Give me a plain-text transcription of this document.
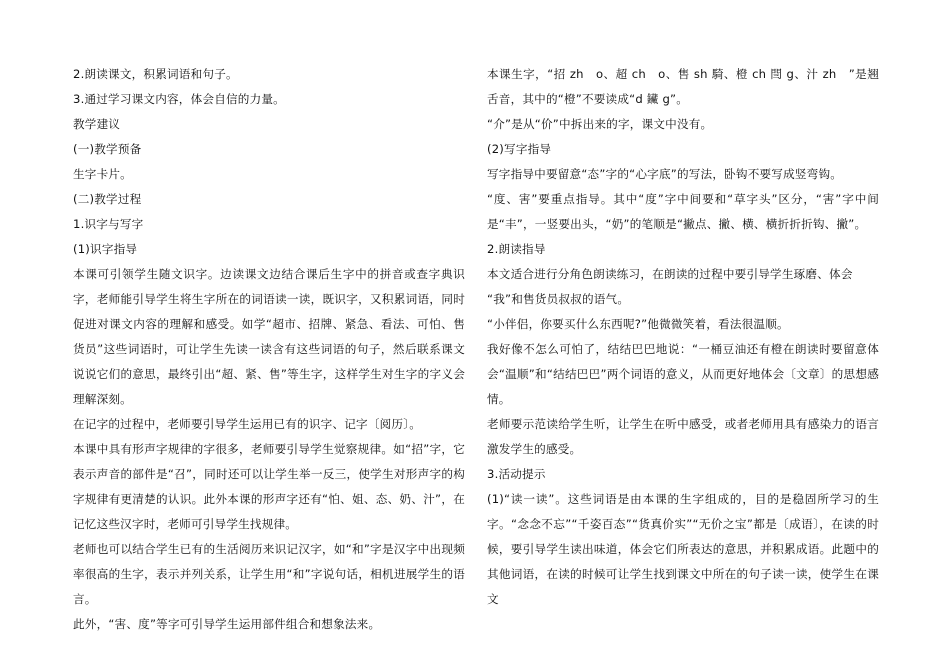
2.朗读课文，积累词语和句子。

3.通过学习课文内容，体会自信的力量。

教学建议

(一)教学预备

生字卡片。

(二)教学过程

1.识字与写字

(1)识字指导

本课可引领学生随文识字。边读课文边结合课后生字中的拼音或查字典识字，老师能引导学生将生字所在的词语读一读，既识字，又积累词语，同时促进对课文内容的理解和感受。如学“超市、招牌、紧急、看法、可怕、售货员”这些词语时，可让学生先读一读含有这些词语的句子，然后联系课文说说它们的意思，最终引出“超、紧、售”等生字，这样学生对生字的字义会理解深刻。

在记字的过程中，老师要引导学生运用已有的识字、记字〔阅历〕。

本课中具有形声字规律的字很多，老师要引导学生觉察规律。如“招”字，它表示声音的部件是“召”，同时还可以让学生举一反三，使学生对形声字的构字规律有更清楚的认识。此外本课的形声字还有“怕、姐、态、奶、汁”，在记忆这些汉字时，老师可引导学生找规律。

老师也可以结合学生已有的生活阅历来识记汉字，如“和”字是汉字中出现频率很高的生字，表示并列关系，让学生用“和”字说句话，相机进展学生的语言。

此外，“害、度”等字可引导学生运用部件组合和想象法来。

本课生字，“招 zh　o、超 ch　o、售 sh 騎、橙 ch 閆 g、汁 zh　”是翘舌音，其中的“橙”不要读成“d 鑶 g”。

“介”是从“价”中拆出来的字，课文中没有。

(2)写字指导

写字指导中要留意“态”字的“心字底”的写法，卧钩不要写成竖弯钩。

“度、害”要重点指导。其中“度”字中间要和“草字头”区分，“害”字中间是“丰”，一竖要出头，“奶”的笔顺是“撇点、撇、横、横折折折钩、撇”。

2.朗读指导

本文适合进行分角色朗读练习，在朗读的过程中要引导学生琢磨、体会

“我”和售货员叔叔的语气。

“小伴侣，你要买什么东西呢?”他微微笑着，看法很温顺。

我好像不怎么可怕了，结结巴巴地说：“一桶豆油还有橙在朗读时要留意体会“温顺”和“结结巴巴”两个词语的意义，从而更好地体会〔文章〕的思想感情。

老师要示范读给学生听，让学生在听中感受，或者老师用具有感染力的语言激发学生的感受。

3.活动提示

(1)“读一读”。这些词语是由本课的生字组成的，目的是稳固所学习的生字。“念念不忘”“千姿百态”“货真价实”“无价之宝”都是〔成语〕，在读的时候，要引导学生读出味道，体会它们所表达的意思，并积累成语。此题中的其他词语，在读的时候可让学生找到课文中所在的句子读一读，使学生在课文
